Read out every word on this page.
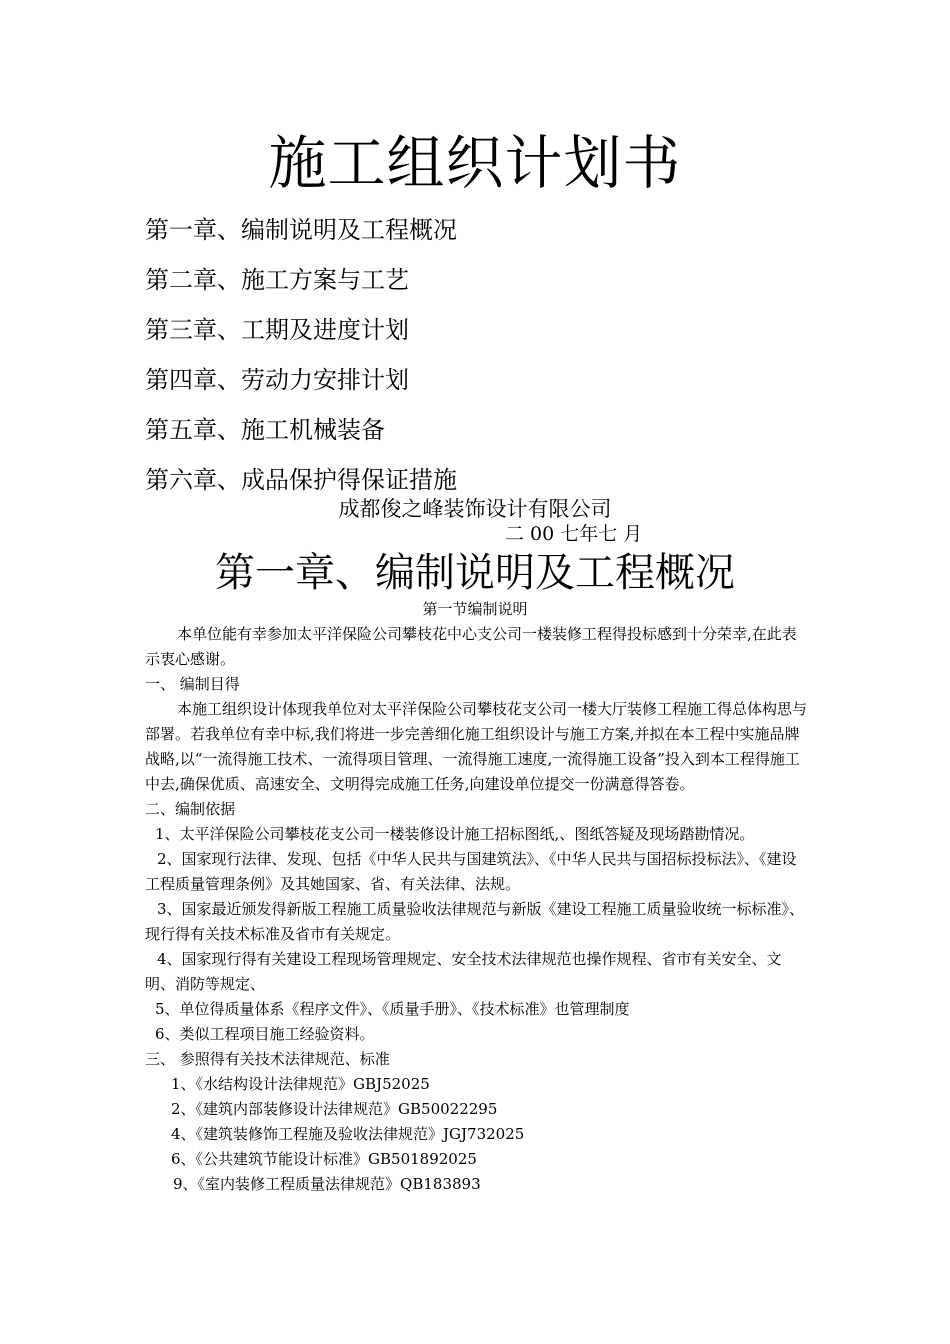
施工组织计划书
第一章、编制说明及工程概况
第二章、施工方案与工艺
第三章、工期及进度计划
第四章、劳动力安排计划
第五章、施工机械装备
第六章、成品保护得保证措施
成都俊之峰装饰设计有限公司
二 00 七年七 月
第一章、编制说明及工程概况
第一节编制说明

本单位能有幸参加太平洋保险公司攀枝花中心支公司一楼装修工程得投标感到十分荣幸,在此表示衷心感谢。

一、 编制目得

本施工组织设计体现我单位对太平洋保险公司攀枝花支公司一楼大厅装修工程施工得总体构思与部署。若我单位有幸中标,我们将进一步完善细化施工组织设计与施工方案,并拟在本工程中实施品牌战略,以“一流得施工技术、一流得项目管理、一流得施工速度,一流得施工设备”投入到本工程得施工中去,确保优质、高速安全、文明得完成施工任务,向建设单位提交一份满意得答卷。

二、编制依据

1、太平洋保险公司攀枝花支公司一楼装修设计施工招标图纸,、图纸答疑及现场踏勘情况。

2、国家现行法律、发现、包括《中华人民共与国建筑法》、《中华人民共与国招标投标法》、《建设工程质量管理条例》及其她国家、省、有关法律、法规。

3、国家最近颁发得新版工程施工质量验收法律规范与新版《建设工程施工质量验收统一标标准》、现行得有关技术标准及省市有关规定。

4、国家现行得有关建设工程现场管理规定、安全技术法律规范也操作规程、省市有关安全、文明、消防等规定、

5、单位得质量体系《程序文件》、《质量手册》、《技术标准》也管理制度

6、类似工程项目施工经验资料。

三、 参照得有关技术法律规范、标准

1、《水结构设计法律规范》GBJ52025

2、《建筑内部装修设计法律规范》GB50022295

4、《建筑装修饰工程施及验收法律规范》JGJ732025

6、《公共建筑节能设计标准》GB501892025

9、《室内装修工程质量法律规范》QB183893
